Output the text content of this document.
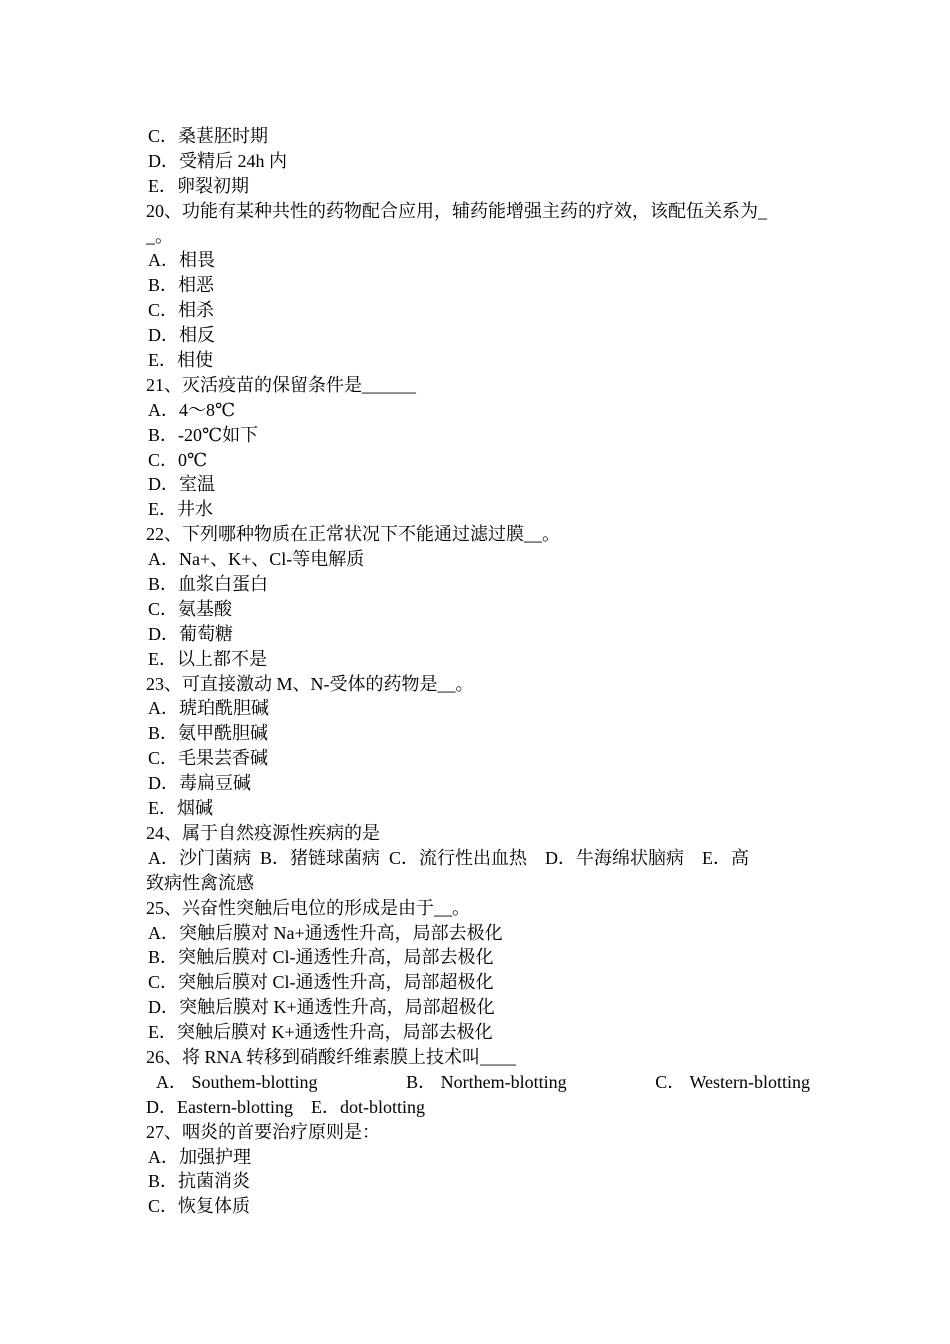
C．桑葚胚时期
D．受精后 24h 内
E．卵裂初期
20、功能有某种共性的药物配合应用，辅药能增强主药的疗效，该配伍关系为_
_。
A．相畏
B．相恶
C．相杀
D．相反
E．相使
21、灭活疫苗的保留条件是______
A．4～8℃
B．-20℃如下
C．0℃
D．室温
E．井水
22、下列哪种物质在正常状况下不能通过滤过膜__。
A．Na+、K+、Cl-等电解质
B．血浆白蛋白
C．氨基酸
D．葡萄糖
E．以上都不是
23、可直接激动 M、N-受体的药物是__。
A．琥珀酰胆碱
B．氨甲酰胆碱
C．毛果芸香碱
D．毒扁豆碱
E．烟碱
24、属于自然疫源性疾病的是
A．沙门菌病  B．猪链球菌病  C．流行性出血热    D．牛海绵状脑病    E．高
致病性禽流感
25、兴奋性突触后电位的形成是由于__。
A．突触后膜对 Na+通透性升高，局部去极化
B．突触后膜对 Cl-通透性升高，局部去极化
C．突触后膜对 Cl-通透性升高，局部超极化
D．突触后膜对 K+通透性升高，局部超极化
E．突触后膜对 K+通透性升高，局部去极化
26、将 RNA 转移到硝酸纤维素膜上技术叫____
A． Southem-blotting	B． Northem-blotting	C． Western-blotting
D．Eastern-blotting    E．dot-blotting
27、咽炎的首要治疗原则是：
A．加强护理
B．抗菌消炎
C．恢复体质
